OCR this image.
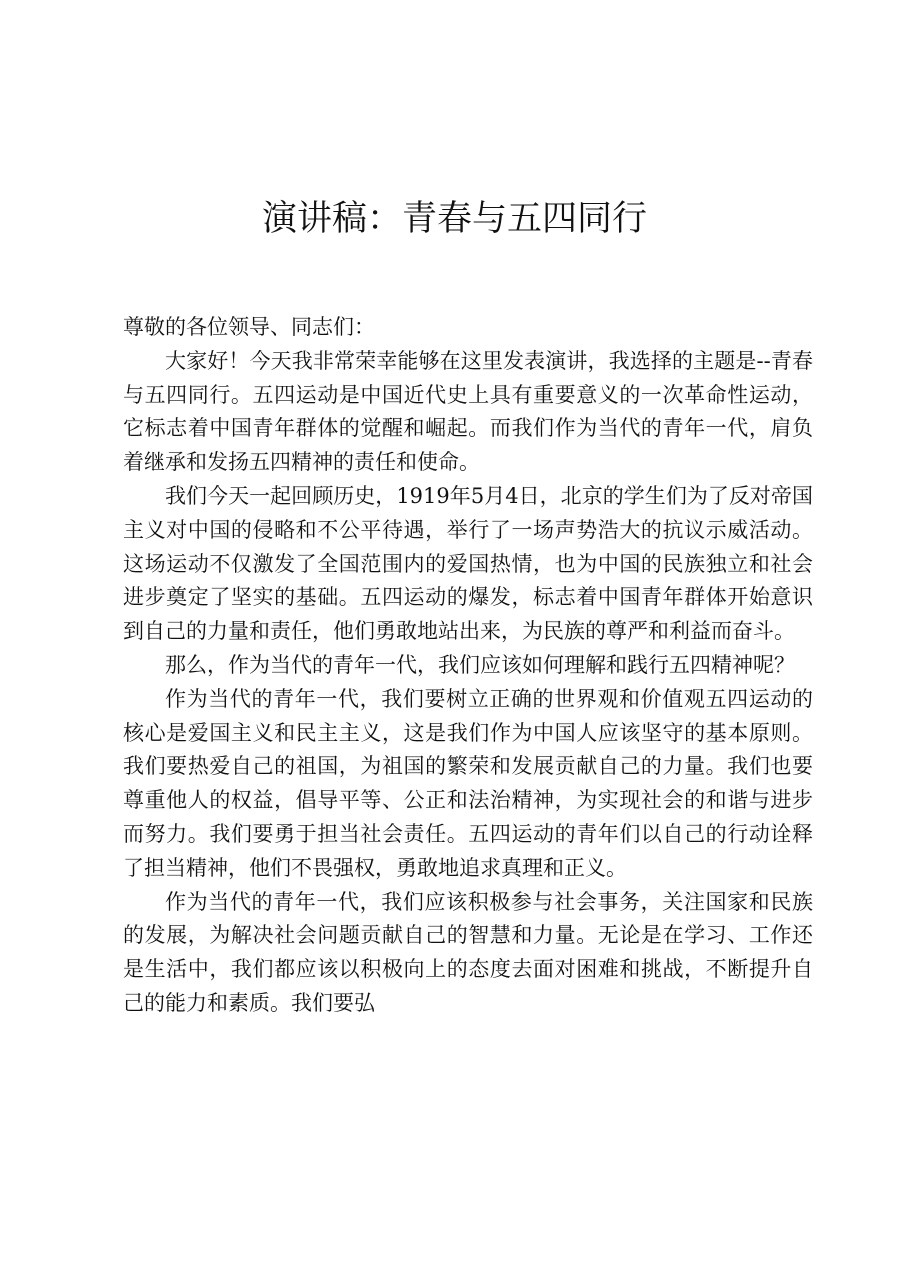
演讲稿：青春与五四同行

尊敬的各位领导、同志们：

大家好！今天我非常荣幸能够在这里发表演讲，我选择的主题是--青春与五四同行。五四运动是中国近代史上具有重要意义的一次革命性运动，它标志着中国青年群体的觉醒和崛起。而我们作为当代的青年一代，肩负着继承和发扬五四精神的责任和使命。

我们今天一起回顾历史，1919年5月4日，北京的学生们为了反对帝国主义对中国的侵略和不公平待遇，举行了一场声势浩大的抗议示威活动。这场运动不仅激发了全国范围内的爱国热情，也为中国的民族独立和社会进步奠定了坚实的基础。五四运动的爆发，标志着中国青年群体开始意识到自己的力量和责任，他们勇敢地站出来，为民族的尊严和利益而奋斗。

那么，作为当代的青年一代，我们应该如何理解和践行五四精神呢？

作为当代的青年一代，我们要树立正确的世界观和价值观五四运动的核心是爱国主义和民主主义，这是我们作为中国人应该坚守的基本原则。我们要热爱自己的祖国，为祖国的繁荣和发展贡献自己的力量。我们也要尊重他人的权益，倡导平等、公正和法治精神，为实现社会的和谐与进步而努力。我们要勇于担当社会责任。五四运动的青年们以自己的行动诠释了担当精神，他们不畏强权，勇敢地追求真理和正义。

作为当代的青年一代，我们应该积极参与社会事务，关注国家和民族的发展，为解决社会问题贡献自己的智慧和力量。无论是在学习、工作还是生活中，我们都应该以积极向上的态度去面对困难和挑战，不断提升自己的能力和素质。我们要弘
